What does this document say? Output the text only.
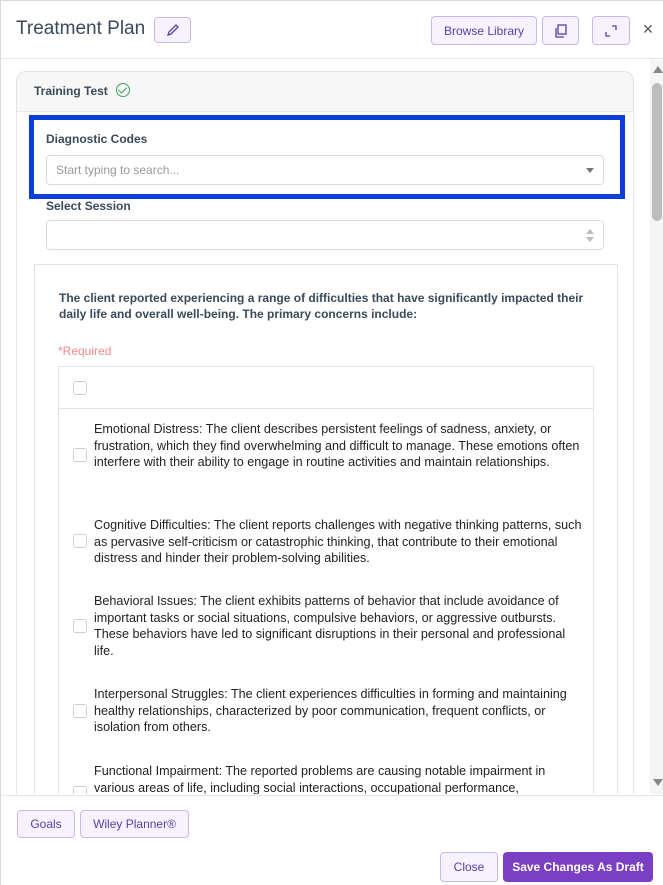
Treatment Plan	Browse Library	×
Training Test
Diagnostic Codes
Start typing to search...
Select Session
The client reported experiencing a range of difficulties that have significantly impacted their daily life and overall well-being. The primary concerns include:
*Required
Emotional Distress: The client describes persistent feelings of sadness, anxiety, or frustration, which they find overwhelming and difficult to manage. These emotions often interfere with their ability to engage in routine activities and maintain relationships.
Cognitive Difficulties: The client reports challenges with negative thinking patterns, such as pervasive self-criticism or catastrophic thinking, that contribute to their emotional distress and hinder their problem-solving abilities.
Behavioral Issues: The client exhibits patterns of behavior that include avoidance of important tasks or social situations, compulsive behaviors, or aggressive outbursts. These behaviors have led to significant disruptions in their personal and professional life.
Interpersonal Struggles: The client experiences difficulties in forming and maintaining healthy relationships, characterized by poor communication, frequent conflicts, or isolation from others.
Functional Impairment: The reported problems are causing notable impairment in various areas of life, including social interactions, occupational performance,
Goals	Wiley Planner®
Close	Save Changes As Draft
